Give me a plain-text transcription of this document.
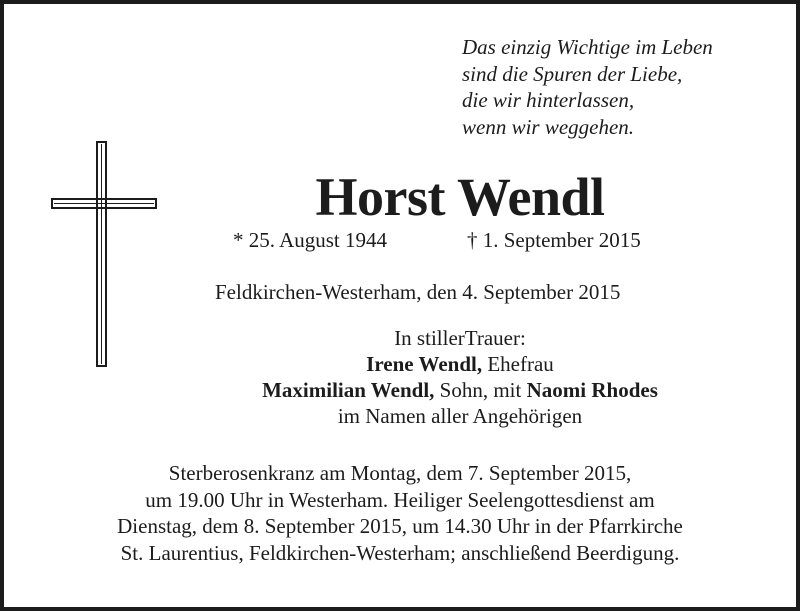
Das einzig Wichtige im Leben
sind die Spuren der Liebe,
die wir hinterlassen,
wenn wir weggehen.
Horst Wendl
* 25. August 1944	† 1. September 2015
Feldkirchen-Westerham, den 4. September 2015
In stillerTrauer:
Irene Wendl, Ehefrau
Maximilian Wendl, Sohn, mit Naomi Rhodes
im Namen aller Angehörigen
Sterberosenkranz am Montag, dem 7. September 2015,
um 19.00 Uhr in Westerham. Heiliger Seelengottesdienst am
Dienstag, dem 8. September 2015, um 14.30 Uhr in der Pfarrkirche
St. Laurentius, Feldkirchen-Westerham; anschließend Beerdigung.
